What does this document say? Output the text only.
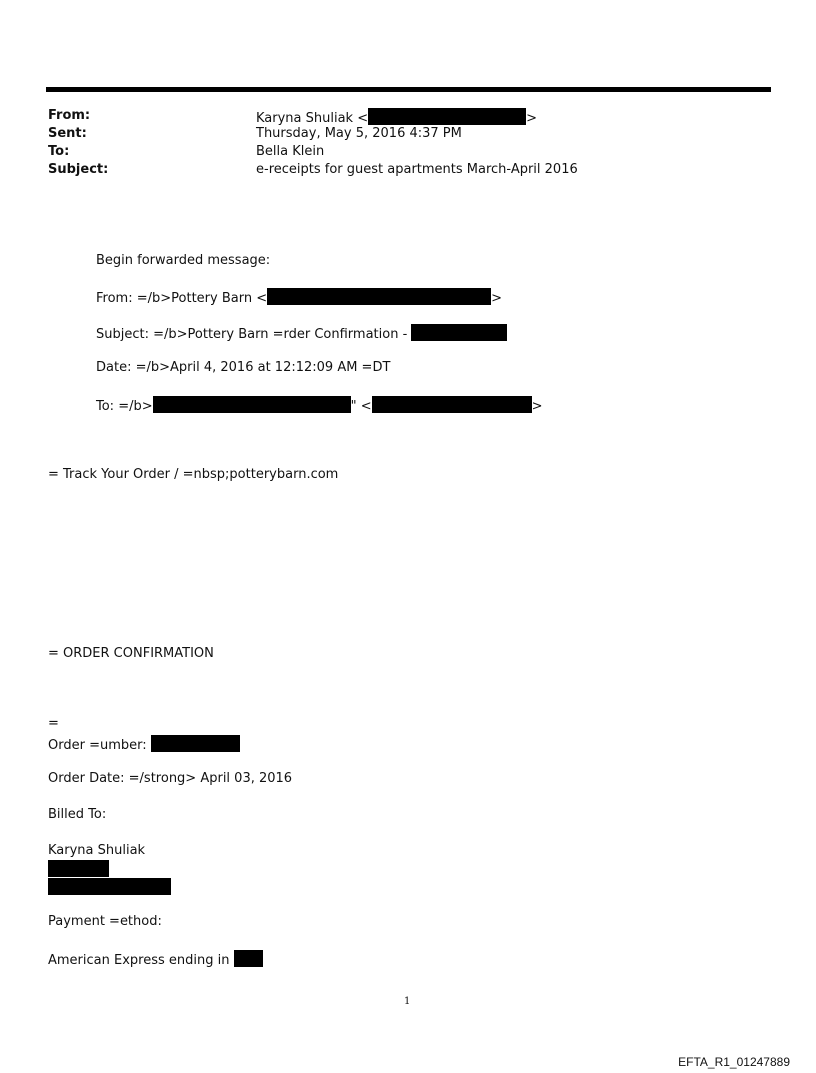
From:	Karyna Shuliak <	>
Sent:	Thursday, May 5, 2016 4:37 PM
To:	Bella Klein
Subject:	e-receipts for guest apartments March-April 2016
Begin forwarded message:
From: =/b>Pottery Barn <	>
Subject: =/b>Pottery Barn =rder Confirmation -
Date: =/b>April 4, 2016 at 12:12:09 AM =DT
To: =/b>	" <	>
= Track Your Order / =nbsp;potterybarn.com
= ORDER CONFIRMATION
=
Order =umber:
Order Date: =/strong> April 03, 2016
Billed To:
Karyna Shuliak
Payment =ethod:
American Express ending in
1
EFTA_R1_01247889
